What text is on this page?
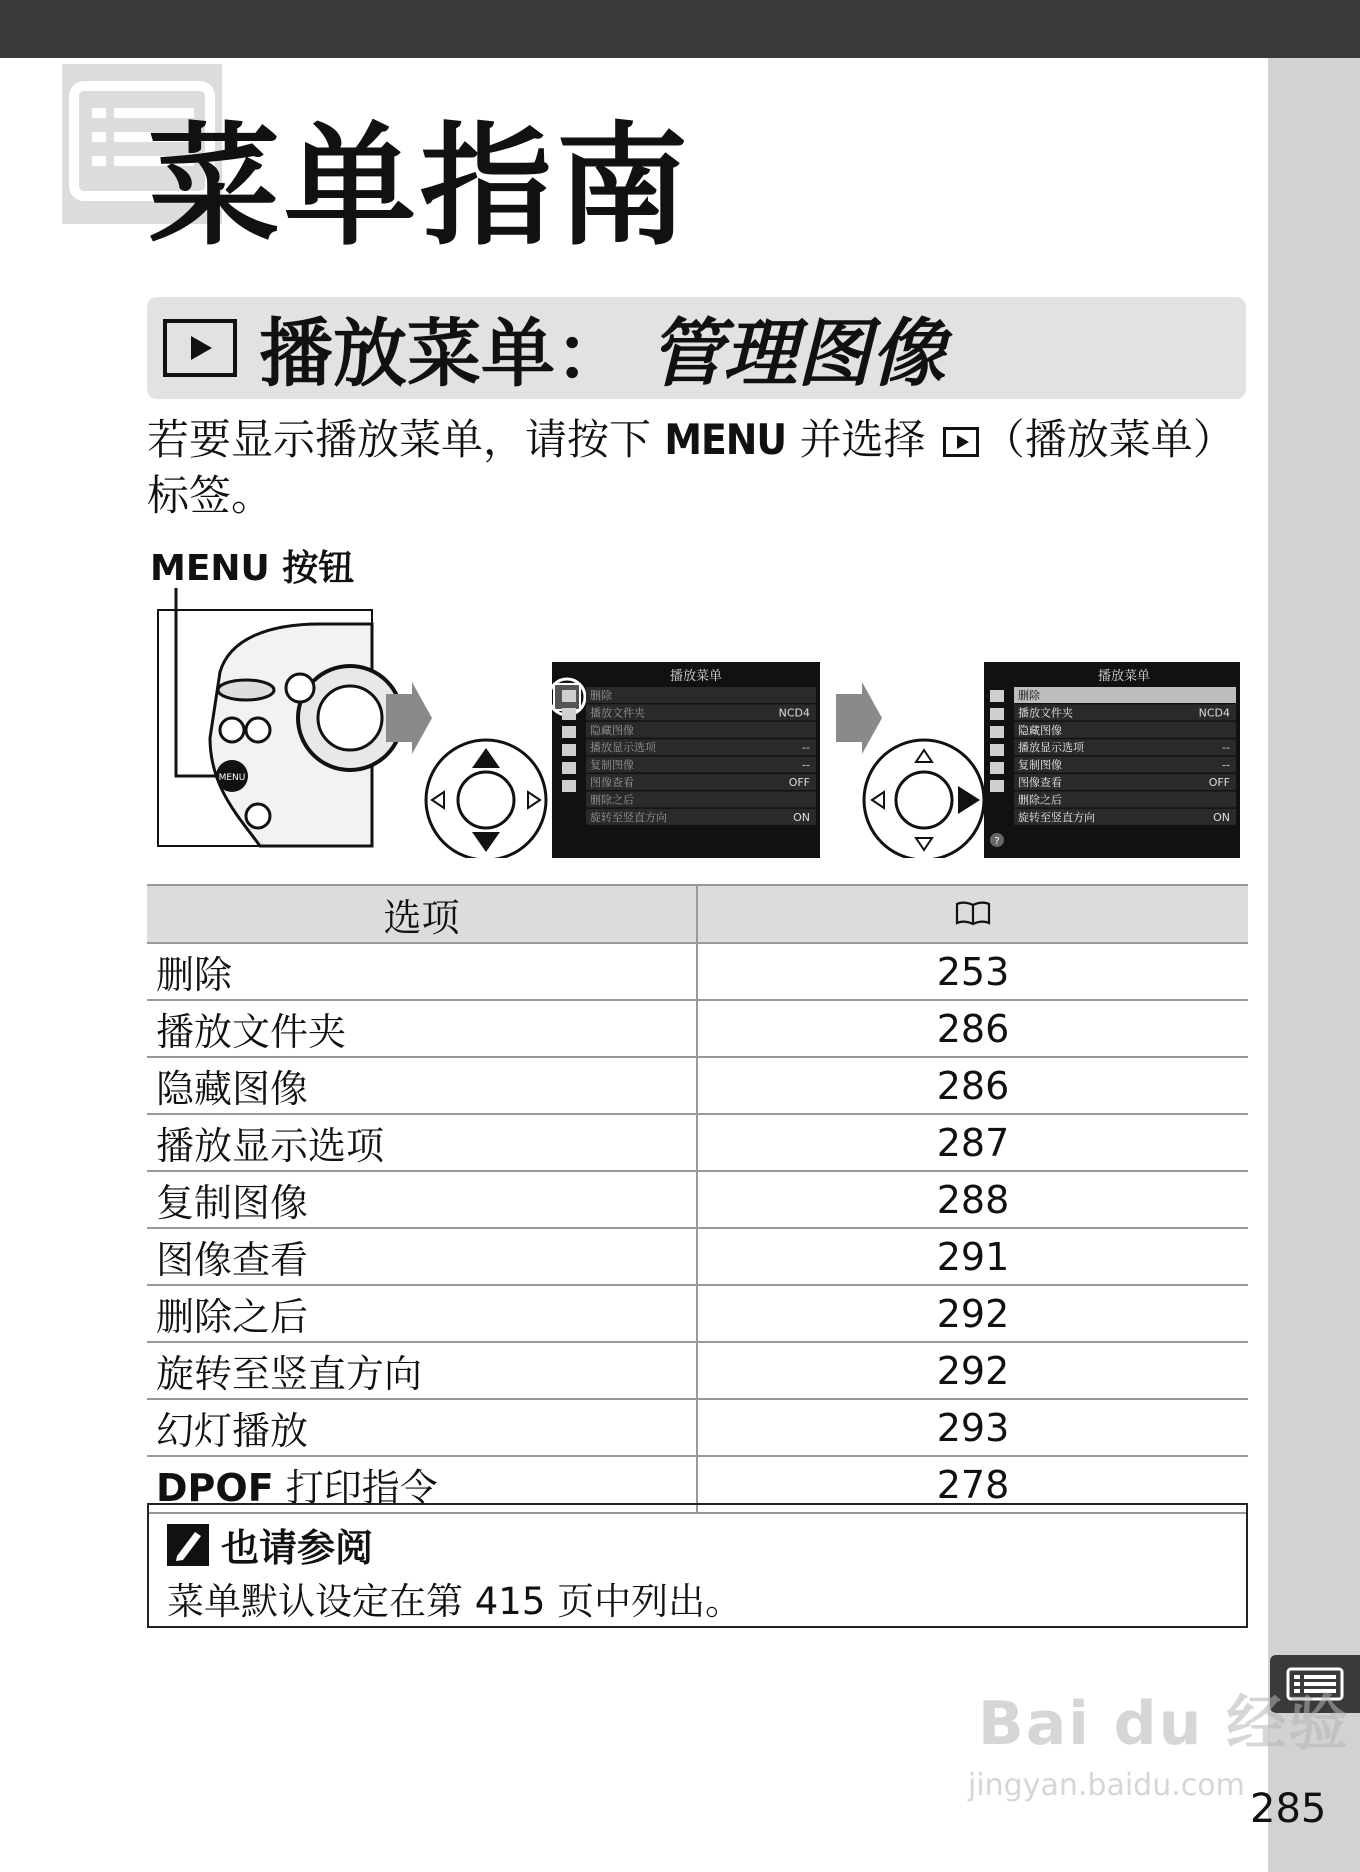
菜单指南
播放菜单： 管理图像

若要显示播放菜单，请按下 MENU 并选择 （播放菜单）标签。

MENU 按钮
MENU
播放菜单
删除
播放文件夹	NCD4
隐藏图像
播放显示选项	--
复制图像	--
图像查看	OFF
删除之后
旋转至竖直方向	ON
播放菜单
?
删除
播放文件夹	NCD4
隐藏图像
播放显示选项	--
复制图像	--
图像查看	OFF
删除之后
旋转至竖直方向	ON
选项	
删除	253
播放文件夹	286
隐藏图像	286
播放显示选项	287
复制图像	288
图像查看	291
删除之后	292
旋转至竖直方向	292
幻灯播放	293
DPOF 打印指令	278
也请参阅
菜单默认设定在第 415 页中列出。
Bai du 经验
jingyan.baidu.com
285
